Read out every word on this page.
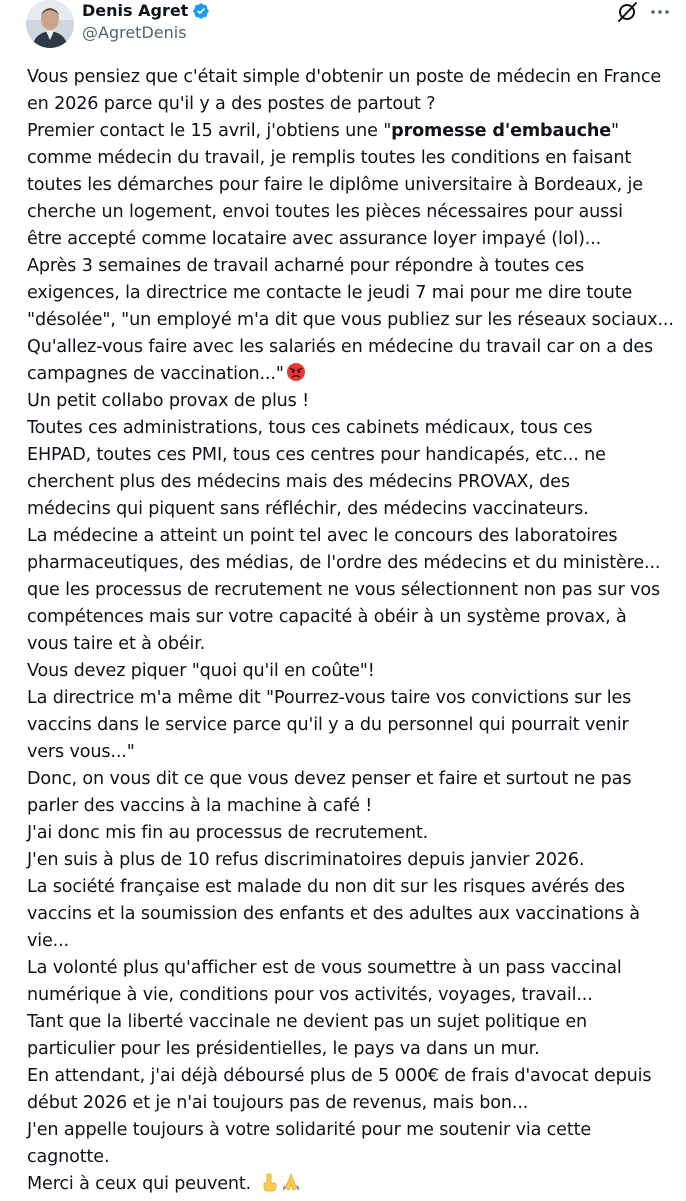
Denis Agret
@AgretDenis
Vous pensiez que c'était simple d'obtenir un poste de médecin en France
en 2026 parce qu'il y a des postes de partout ?
Premier contact le 15 avril, j'obtiens une "promesse d'embauche"
comme médecin du travail, je remplis toutes les conditions en faisant
toutes les démarches pour faire le diplôme universitaire à Bordeaux, je
cherche un logement, envoi toutes les pièces nécessaires pour aussi
être accepté comme locataire avec assurance loyer impayé (lol)...
Après 3 semaines de travail acharné pour répondre à toutes ces
exigences, la directrice me contacte le jeudi 7 mai pour me dire toute
"désolée", "un employé m'a dit que vous publiez sur les réseaux sociaux...
Qu'allez-vous faire avec les salariés en médecine du travail car on a des
campagnes de vaccination..."
Un petit collabo provax de plus !
Toutes ces administrations, tous ces cabinets médicaux, tous ces
EHPAD, toutes ces PMI, tous ces centres pour handicapés, etc... ne
cherchent plus des médecins mais des médecins PROVAX, des
médecins qui piquent sans réfléchir, des médecins vaccinateurs.
La médecine a atteint un point tel avec le concours des laboratoires
pharmaceutiques, des médias, de l'ordre des médecins et du ministère...
que les processus de recrutement ne vous sélectionnent non pas sur vos
compétences mais sur votre capacité à obéir à un système provax, à
vous taire et à obéir.
Vous devez piquer "quoi qu'il en coûte"!
La directrice m'a même dit "Pourrez-vous taire vos convictions sur les
vaccins dans le service parce qu'il y a du personnel qui pourrait venir
vers vous..."
Donc, on vous dit ce que vous devez penser et faire et surtout ne pas
parler des vaccins à la machine à café !
J'ai donc mis fin au processus de recrutement.
J'en suis à plus de 10 refus discriminatoires depuis janvier 2026.
La société française est malade du non dit sur les risques avérés des
vaccins et la soumission des enfants et des adultes aux vaccinations à
vie...
La volonté plus qu'afficher est de vous soumettre à un pass vaccinal
numérique à vie, conditions pour vos activités, voyages, travail...
Tant que la liberté vaccinale ne devient pas un sujet politique en
particulier pour les présidentielles, le pays va dans un mur.
En attendant, j'ai déjà déboursé plus de 5 000€ de frais d'avocat depuis
début 2026 et je n'ai toujours pas de revenus, mais bon...
J'en appelle toujours à votre solidarité pour me soutenir via cette
cagnotte.
Merci à ceux qui peuvent.
